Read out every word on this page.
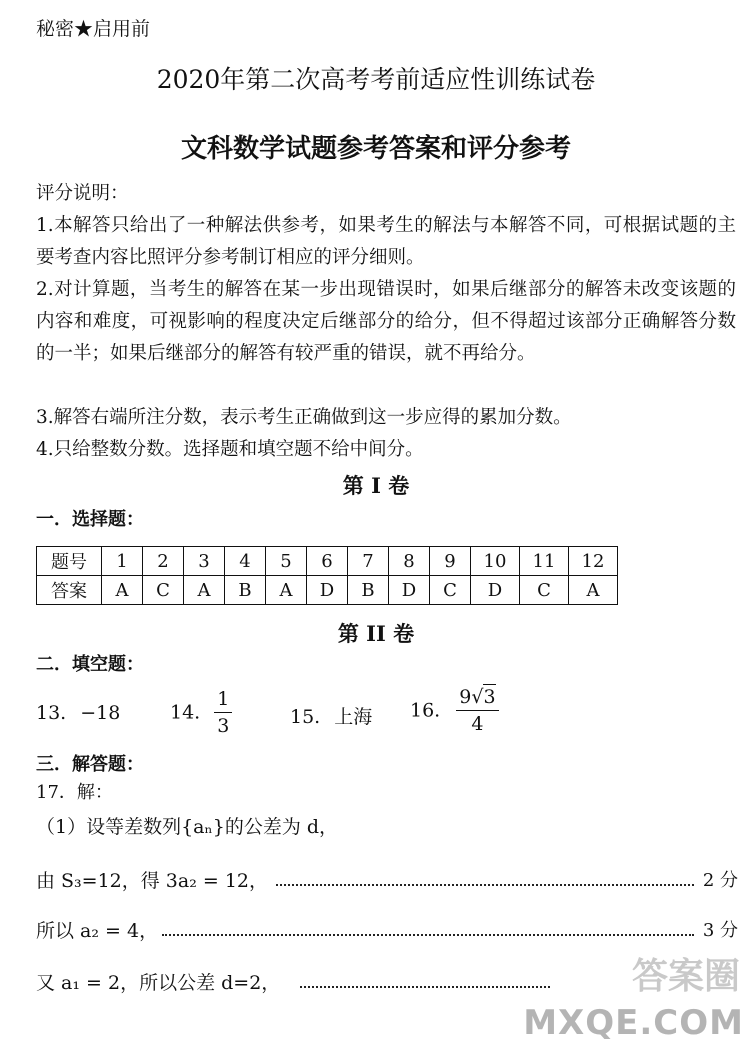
秘密★启用前
2020年第二次高考考前适应性训练试卷
文科数学试题参考答案和评分参考
评分说明：
1.本解答只给出了一种解法供参考，如果考生的解法与本解答不同，可根据试题的主要考查内容比照评分参考制订相应的评分细则。
2.对计算题，当考生的解答在某一步出现错误时，如果后继部分的解答未改变该题的内容和难度，可视影响的程度决定后继部分的给分，但不得超过该部分正确解答分数的一半；如果后继部分的解答有较严重的错误，就不再给分。
3.解答右端所注分数，表示考生正确做到这一步应得的累加分数。
4.只给整数分数。选择题和填空题不给中间分。
第 I 卷
一．选择题：
题号	1	2	3	4	5	6	7	8	9	10	11	12
答案	A	C	A	B	A	D	B	D	C	D	C	A
第 II 卷
二．填空题：
13. −18	14. $\frac{1}{3}$	15. 上海 16. $\frac{9√3}{4}$
三．解答题：
17．解：
（1）设等差数列{aₙ}的公差为 d，
由 S₃=12，得 3a₂ = 12，	2 分
所以 a₂ = 4，	3 分
又 a₁ = 2，所以公差 d=2，	答案圈
MXQE.COM
